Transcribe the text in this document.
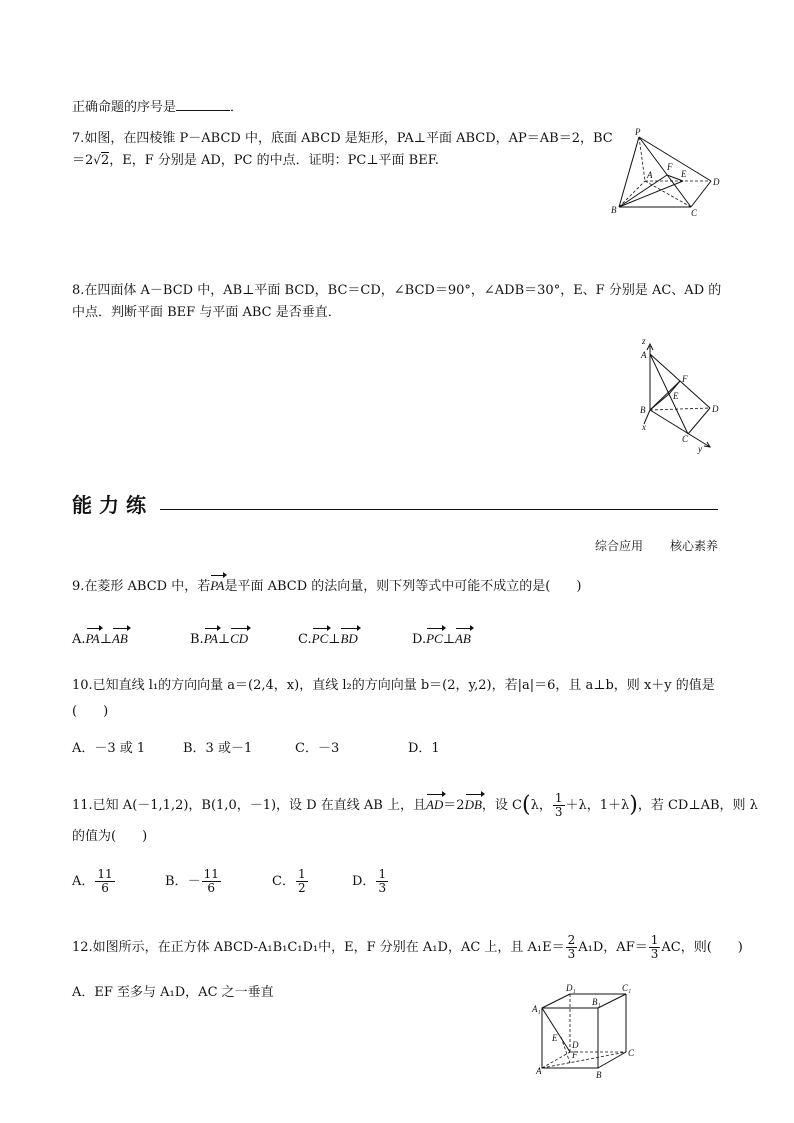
正确命题的序号是	．
7.如图，在四棱锥 P－ABCD 中，底面 ABCD 是矩形，PA⊥平面 ABCD，AP＝AB＝2，BC
＝2√2，E，F 分别是 AD，PC 的中点．证明：PC⊥平面 BEF.
P
A
F
E
D
B	C
8.在四面体 A－BCD 中，AB⊥平面 BCD，BC＝CD，∠BCD＝90°，∠ADB＝30°，E、F 分别是 AC、AD 的
中点．判断平面 BEF 与平面 ABC 是否垂直．
z
A
F
E
B	D
x
C
y
能力练
综合应用 核心素养
9.在菱形 ABCD 中，若PA是平面 ABCD 的法向量，则下列等式中可能不成立的是( )
A.PA⊥AB	B.PA⊥CD	C.PC⊥BD	D.PC⊥AB
10.已知直线 l₁的方向向量 a＝(2,4，x)，直线 l₂的方向向量 b＝(2，y,2)，若|a|＝6，且 a⊥b，则 x＋y 的值是
(　　)
A．－3 或 1	B．3 或－1	C．－3	D．1
11.已知 A(－1,1,2)，B(1,0，－1)，设 D 在直线 AB 上，且AD＝2DB，设 C(λ， $\frac{1}{3} +\lambda$，1＋λ)，若 CD⊥AB，则 λ
的值为(　　)
A． $\frac{11}{6}$	B．－ $\frac{11}{6}$	C． $\frac{1}{2}$	D． $\frac{1}{3}$
12.如图所示，在正方体 ABCD-A₁B₁C₁D₁中，E，F 分别在 A₁D，AC 上，且 $A_1E= \frac{2}{3} A_1D$，$AF= \frac{1}{3}$ AC，则(　　)
A．EF 至多与 A₁D，AC 之一垂直	D₁
B₁
C₁
A₁
E
D
F	C
A	B
